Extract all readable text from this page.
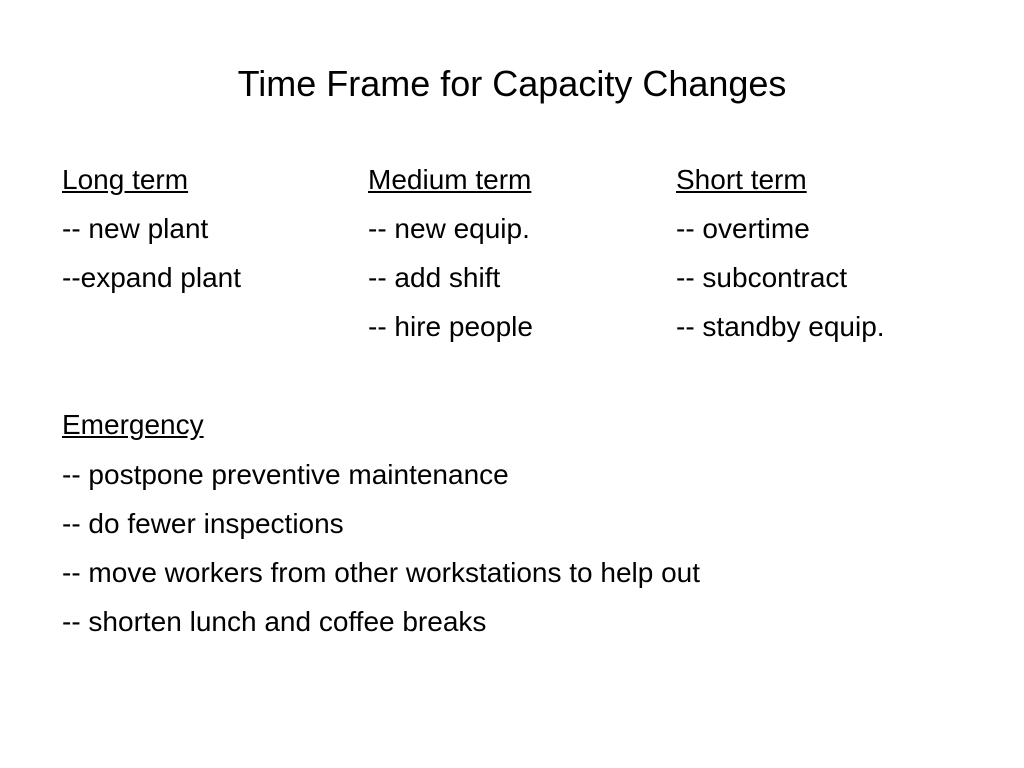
Time Frame for Capacity Changes
Long term
-- new plant
--expand plant
Medium term
-- new equip.
-- add shift
-- hire people
Short term
-- overtime
-- subcontract
-- standby equip.
Emergency
-- postpone preventive maintenance
-- do fewer inspections
-- move workers from other workstations to help out
-- shorten lunch and coffee breaks
